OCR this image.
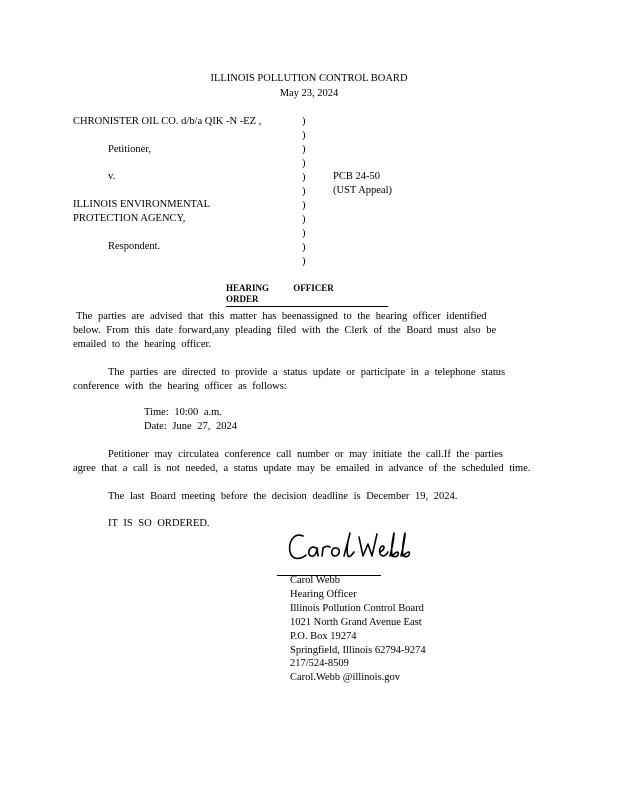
ILLINOIS POLLUTION CONTROL BOARD
May 23, 2024
CHRONISTER OIL CO. d/b/a QIK -N -EZ ,
Petitioner,
v.
ILLINOIS ENVIRONMENTAL
PROTECTION AGENCY,
Respondent.
)
)
)
)
)
)
)
)
)
)
)
PCB 24-50
(UST Appeal)
HEARING OFFICER ORDER
The parties are advised that this matter has beenassigned to the hearing officer identified
below. From this date forward,any pleading filed with the Clerk of the Board must also be
emailed to the hearing officer.
The parties are directed to provide a status update or participate in a telephone status
conference with the hearing officer as follows:
Time: 10:00 a.m.
Date: June 27, 2024
Petitioner may circulatea conference call number or may initiate the call.If the parties
agree that a call is not needed, a status update may be emailed in advance of the scheduled time.
The last Board meeting before the decision deadline is December 19, 2024.
IT IS SO ORDERED.
Carol Webb
Hearing Officer
Illinois Pollution Control Board
1021 North Grand Avenue East
P.O. Box 19274
Springfield, Illinois 62794-9274
217/524-8509
Carol.Webb @illinois.gov
